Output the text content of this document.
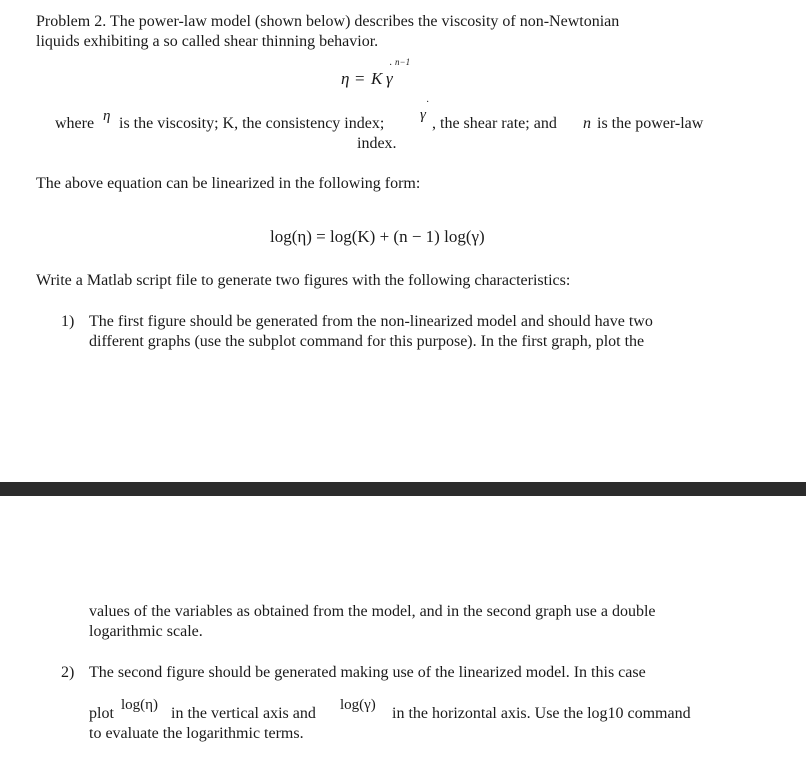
Problem 2. The power-law model (shown below) describes the viscosity of non-Newtonian
liquids exhibiting a so called shear thinning behavior.
n−1
·
η = K γ
where η is the viscosity; K, the consistency index;
·
γ , the shear rate; and n is the power-law
index.
The above equation can be linearized in the following form:
log(η) = log(K) + (n − 1) log(γ)
Write a Matlab script file to generate two figures with the following characteristics:
1) The first figure should be generated from the non-linearized model and should have two
different graphs (use the subplot command for this purpose). In the first graph, plot the
values of the variables as obtained from the model, and in the second graph use a double
logarithmic scale.
2) The second figure should be generated making use of the linearized model. In this case
plot log(η) in the vertical axis and log(γ) in the horizontal axis. Use the log10 command
to evaluate the logarithmic terms.
